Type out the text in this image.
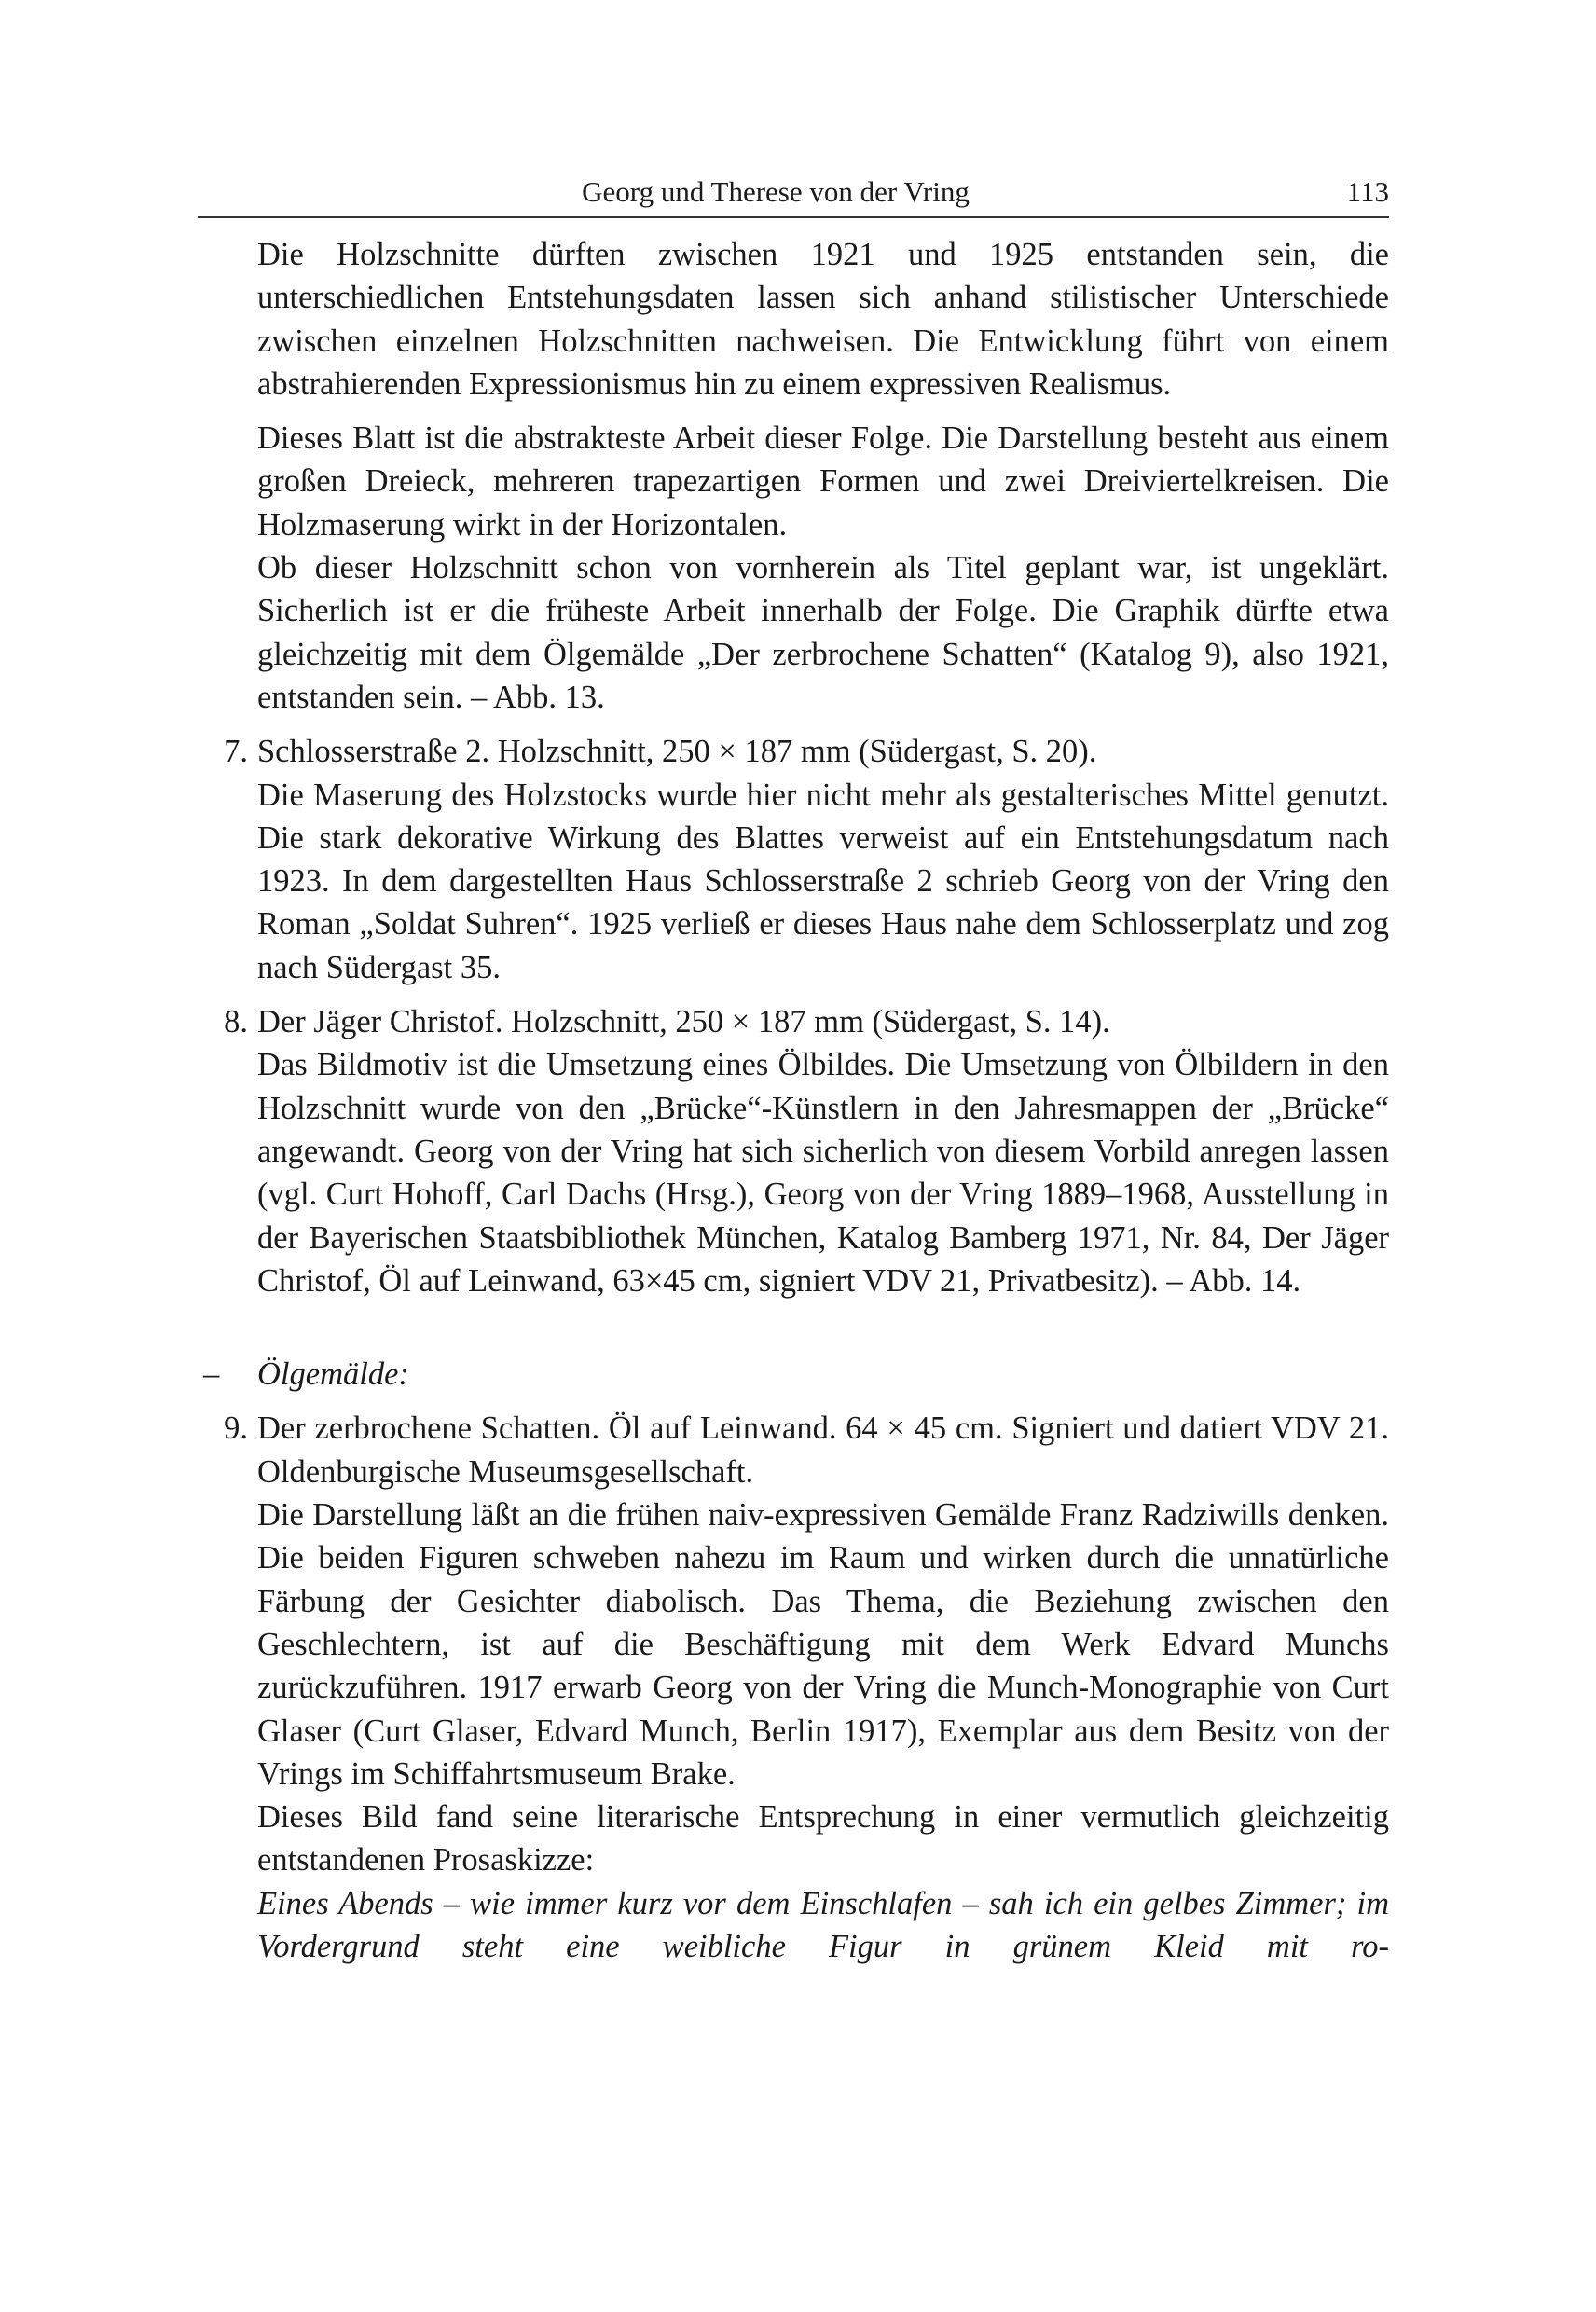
Georg und Therese von der Vring	113

Die Holzschnitte dürften zwischen 1921 und 1925 entstanden sein, die unterschiedlichen Entstehungsdaten lassen sich anhand stilistischer Unterschiede zwischen einzelnen Holzschnitten nachweisen. Die Entwicklung führt von einem abstrahierenden Expressionismus hin zu einem expressiven Realismus.

Dieses Blatt ist die abstrakteste Arbeit dieser Folge. Die Darstellung besteht aus einem großen Dreieck, mehreren trapezartigen Formen und zwei Dreiviertelkreisen. Die Holzmaserung wirkt in der Horizontalen.

Ob dieser Holzschnitt schon von vornherein als Titel geplant war, ist ungeklärt. Sicherlich ist er die früheste Arbeit innerhalb der Folge. Die Graphik dürfte etwa gleichzeitig mit dem Ölgemälde „Der zerbrochene Schatten“ (Katalog 9), also 1921, entstanden sein. – Abb. 13.

7. Schlosserstraße 2. Holzschnitt, 250 × 187 mm (Südergast, S. 20).

Die Maserung des Holzstocks wurde hier nicht mehr als gestalterisches Mittel genutzt. Die stark dekorative Wirkung des Blattes verweist auf ein Entstehungsdatum nach 1923. In dem dargestellten Haus Schlosserstraße 2 schrieb Georg von der Vring den Roman „Soldat Suhren“. 1925 verließ er dieses Haus nahe dem Schlosserplatz und zog nach Südergast 35.

8. Der Jäger Christof. Holzschnitt, 250 × 187 mm (Südergast, S. 14).

Das Bildmotiv ist die Umsetzung eines Ölbildes. Die Umsetzung von Ölbildern in den Holzschnitt wurde von den „Brücke“-Künstlern in den Jahresmappen der „Brücke“ angewandt. Georg von der Vring hat sich sicherlich von diesem Vorbild anregen lassen (vgl. Curt Hohoff, Carl Dachs (Hrsg.), Georg von der Vring 1889–1968, Ausstellung in der Bayerischen Staatsbibliothek München, Katalog Bamberg 1971, Nr. 84, Der Jäger Christof, Öl auf Leinwand, 63×45 cm, signiert VDV 21, Privatbesitz). – Abb. 14.

– Ölgemälde:

9. Der zerbrochene Schatten. Öl auf Leinwand. 64 × 45 cm. Signiert und datiert VDV 21. Oldenburgische Museumsgesellschaft.

Die Darstellung läßt an die frühen naiv-expressiven Gemälde Franz Radziwills denken. Die beiden Figuren schweben nahezu im Raum und wirken durch die unnatürliche Färbung der Gesichter diabolisch. Das Thema, die Beziehung zwischen den Geschlechtern, ist auf die Beschäftigung mit dem Werk Edvard Munchs zurückzuführen. 1917 erwarb Georg von der Vring die Munch-Monographie von Curt Glaser (Curt Glaser, Edvard Munch, Berlin 1917), Exemplar aus dem Besitz von der Vrings im Schiffahrtsmuseum Brake.

Dieses Bild fand seine literarische Entsprechung in einer vermutlich gleichzeitig entstandenen Prosaskizze:

Eines Abends – wie immer kurz vor dem Einschlafen – sah ich ein gelbes Zimmer; im Vordergrund steht eine weibliche Figur in grünem Kleid mit ro-
